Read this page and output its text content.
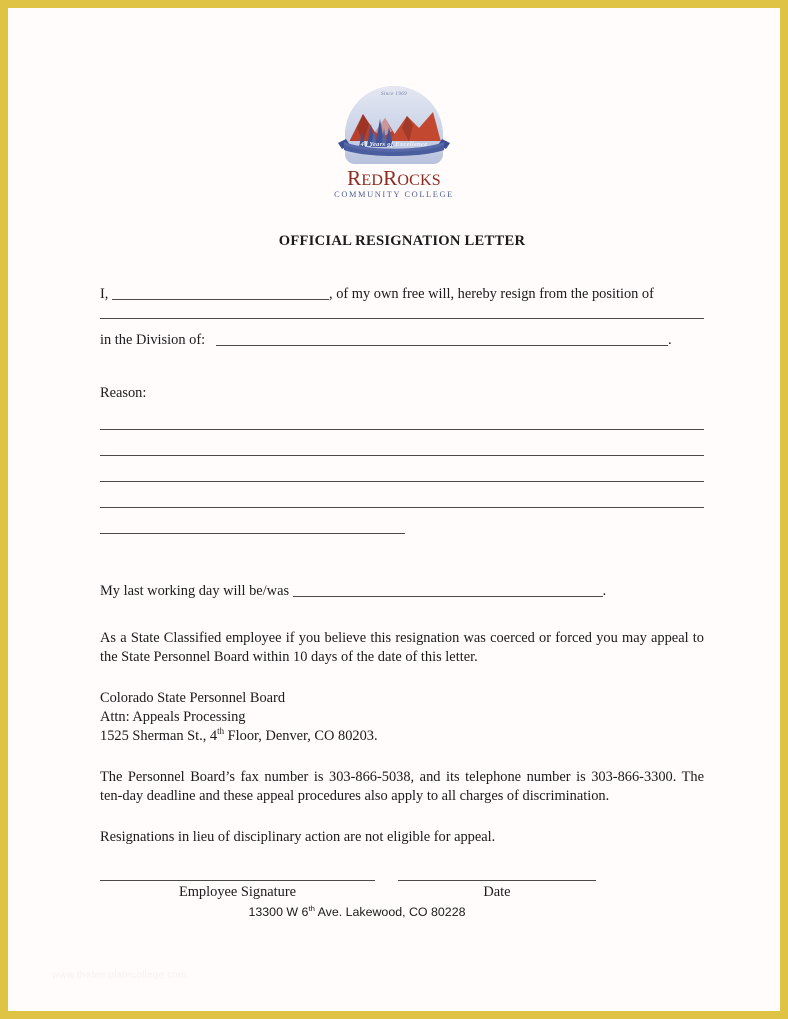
Since 1969
40 Years of Excellence
REDROCKS
COMMUNITY COLLEGE
OFFICIAL RESIGNATION LETTER

I,	, of my own free will, hereby resign from the position of

in the Division of:	.

Reason:

My last working day will be/was	.

As a State Classified employee if you believe this resignation was coerced or forced you may appeal to the State Personnel Board within 10 days of the date of this letter.

Colorado State Personnel Board

Attn: Appeals Processing

1525 Sherman St., 4th Floor, Denver, CO 80203.

The Personnel Board’s fax number is 303-866-5038, and its telephone number is 303-866-3300. The ten-day deadline and these appeal procedures also apply to all charges of discrimination.

Resignations in lieu of disciplinary action are not eligible for appeal.

Employee Signature	Date
13300 W 6th Ave. Lakewood, CO 80228
www.thetemplatecollege.com
